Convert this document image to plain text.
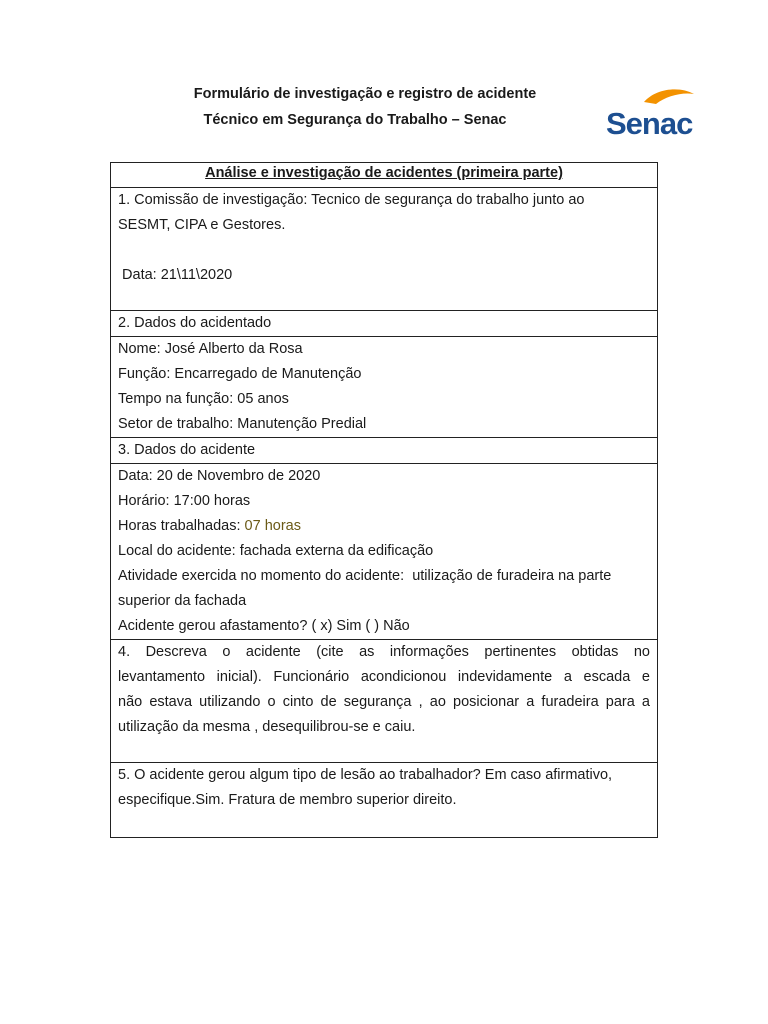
Formulário de investigação e registro de acidente
Técnico em Segurança do Trabalho – Senac	Senac
Análise e investigação de acidentes (primeira parte)

1. Comissão de investigação: Tecnico de segurança do trabalho junto ao
SESMT, CIPA e Gestores.

Data: 21\11\2020

2. Dados do acidentado

Nome: José Alberto da Rosa
Função: Encarregado de Manutenção
Tempo na função: 05 anos
Setor de trabalho: Manutenção Predial

3. Dados do acidente

Data: 20 de Novembro de 2020
Horário: 17:00 horas
Horas trabalhadas: 07 horas
Local do acidente: fachada externa da edificação
Atividade exercida no momento do acidente:  utilização de furadeira na parte
superior da fachada
Acidente gerou afastamento? ( x) Sim ( ) Não

4. Descreva o acidente (cite as informações pertinentes obtidas no
levantamento inicial). Funcionário acondicionou indevidamente a escada e
não estava utilizando o cinto de segurança , ao posicionar a furadeira para a
utilização da mesma , desequilibrou-se e caiu.

5. O acidente gerou algum tipo de lesão ao trabalhador? Em caso afirmativo,
especifique.Sim. Fratura de membro superior direito.
